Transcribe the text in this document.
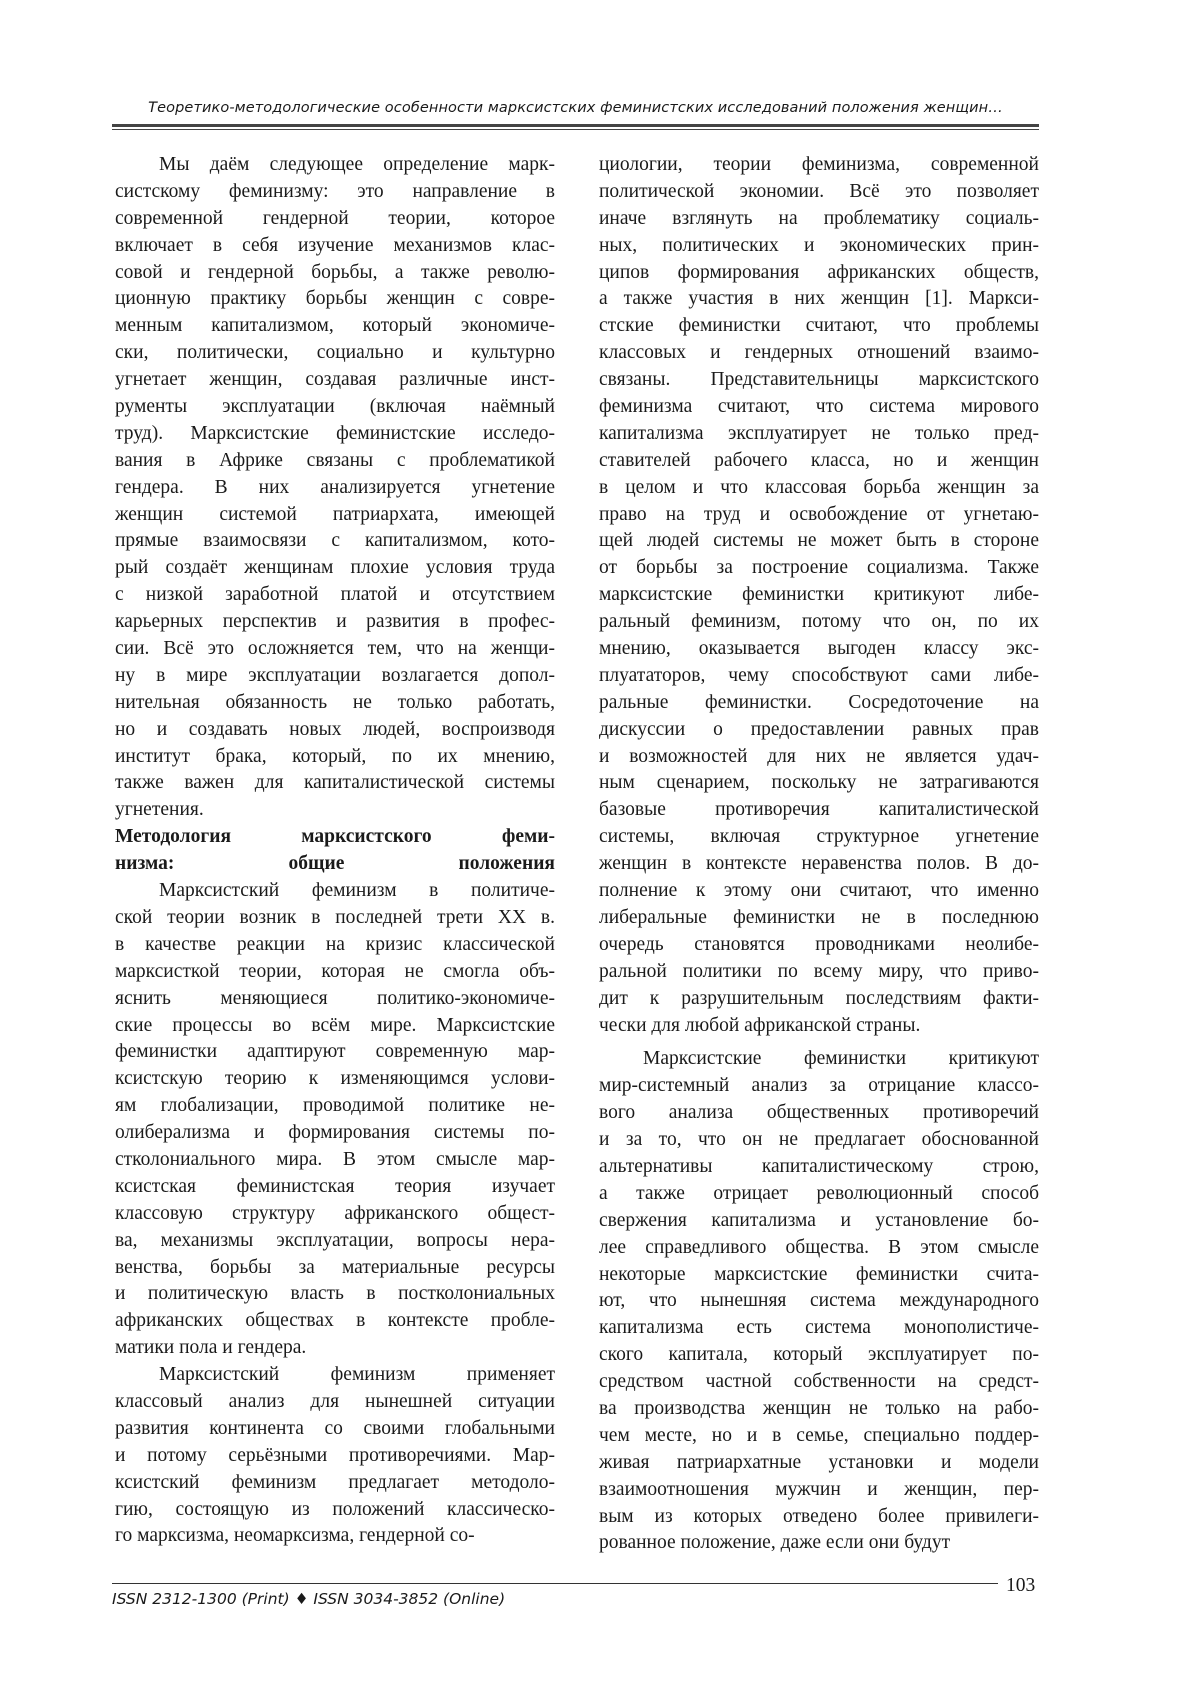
Теоретико-методологические особенности марксистских феминистских исследований положения женщин…
Мы даём следующее определение марк-
систскому феминизму: это направление в
современной гендерной теории, которое
включает в себя изучение механизмов клас-
совой и гендерной борьбы, а также револю-
ционную практику борьбы женщин с совре-
менным капитализмом, который экономиче-
ски, политически, социально и культурно
угнетает женщин, создавая различные инст-
рументы эксплуатации (включая наёмный
труд). Марксистские феминистские исследо-
вания в Африке связаны с проблематикой
гендера. В них анализируется угнетение
женщин системой патриархата, имеющей
прямые взаимосвязи с капитализмом, кото-
рый создаёт женщинам плохие условия труда
с низкой заработной платой и отсутствием
карьерных перспектив и развития в профес-
сии. Всё это осложняется тем, что на женщи-
ну в мире эксплуатации возлагается допол-
нительная обязанность не только работать,
но и создавать новых людей, воспроизводя
институт брака, который, по их мнению,
также важен для капиталистической системы
угнетения.
Методология марксистского феми-
низма: общие положения
Марксистский феминизм в политиче-
ской теории возник в последней трети XX в.
в качестве реакции на кризис классической
марксисткой теории, которая не смогла объ-
яснить меняющиеся политико-экономиче-
ские процессы во всём мире. Марксистские
феминистки адаптируют современную мар-
ксистскую теорию к изменяющимся услови-
ям глобализации, проводимой политике не-
олиберализма и формирования системы по-
стколониального мира. В этом смысле мар-
ксистская феминистская теория изучает
классовую структуру африканского общест-
ва, механизмы эксплуатации, вопросы нера-
венства, борьбы за материальные ресурсы
и политическую власть в постколониальных
африканских обществах в контексте пробле-
матики пола и гендера.
Марксистский феминизм применяет
классовый анализ для нынешней ситуации
развития континента со своими глобальными
и потому серьёзными противоречиями. Мар-
ксистский феминизм предлагает методоло-
гию, состоящую из положений классическо-
го марксизма, неомарксизма, гендерной со-
циологии, теории феминизма, современной
политической экономии. Всё это позволяет
иначе взглянуть на проблематику социаль-
ных, политических и экономических прин-
ципов формирования африканских обществ,
а также участия в них женщин [1]. Маркси-
стские феминистки считают, что проблемы
классовых и гендерных отношений взаимо-
связаны. Представительницы марксистского
феминизма считают, что система мирового
капитализма эксплуатирует не только пред-
ставителей рабочего класса, но и женщин
в целом и что классовая борьба женщин за
право на труд и освобождение от угнетаю-
щей людей системы не может быть в стороне
от борьбы за построение социализма. Также
марксистские феминистки критикуют либе-
ральный феминизм, потому что он, по их
мнению, оказывается выгоден классу экс-
плуататоров, чему способствуют сами либе-
ральные феминистки. Сосредоточение на
дискуссии о предоставлении равных прав
и возможностей для них не является удач-
ным сценарием, поскольку не затрагиваются
базовые противоречия капиталистической
системы, включая структурное угнетение
женщин в контексте неравенства полов. В до-
полнение к этому они считают, что именно
либеральные феминистки не в последнюю
очередь становятся проводниками неолибе-
ральной политики по всему миру, что приво-
дит к разрушительным последствиям факти-
чески для любой африканской страны.
Марксистские феминистки критикуют
мир-системный анализ за отрицание классо-
вого анализа общественных противоречий
и за то, что он не предлагает обоснованной
альтернативы капиталистическому строю,
а также отрицает революционный способ
свержения капитализма и установление бо-
лее справедливого общества. В этом смысле
некоторые марксистские феминистки счита-
ют, что нынешняя система международного
капитализма есть система монополистиче-
ского капитала, который эксплуатирует по-
средством частной собственности на средст-
ва производства женщин не только на рабо-
чем месте, но и в семье, специально поддер-
живая патриархатные установки и модели
взаимоотношения мужчин и женщин, пер-
вым из которых отведено более привилеги-
рованное положение, даже если они будут
ISSN 2312-1300 (Print) ♦ ISSN 3034-3852 (Online)
103
